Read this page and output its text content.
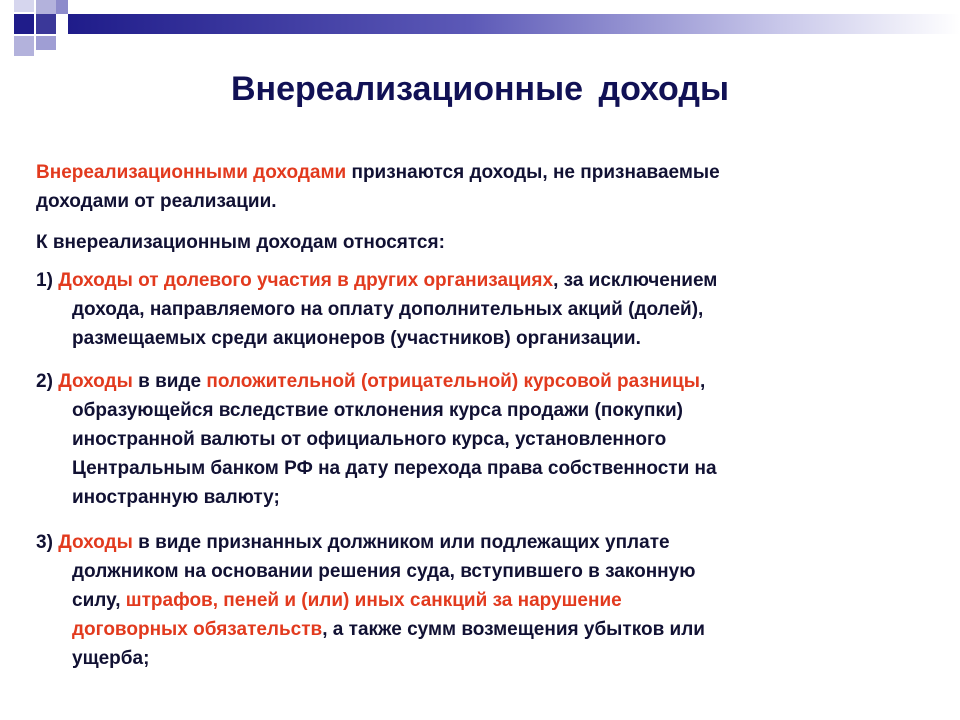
Внереализационные доходы
Внереализационными доходами признаются доходы, не признаваемые
доходами от реализации.
К внереализационным доходам относятся:
1) Доходы от долевого участия в других организациях, за исключением
дохода, направляемого на оплату дополнительных акций (долей),
размещаемых среди акционеров (участников) организации.
2) Доходы в виде положительной (отрицательной) курсовой разницы,
образующейся вследствие отклонения курса продажи (покупки)
иностранной валюты от официального курса, установленного
Центральным банком РФ на дату перехода права собственности на
иностранную валюту;
3) Доходы в виде признанных должником или подлежащих уплате
должником на основании решения суда, вступившего в законную
силу, штрафов, пеней и (или) иных санкций за нарушение
договорных обязательств, а также сумм возмещения убытков или
ущерба;
